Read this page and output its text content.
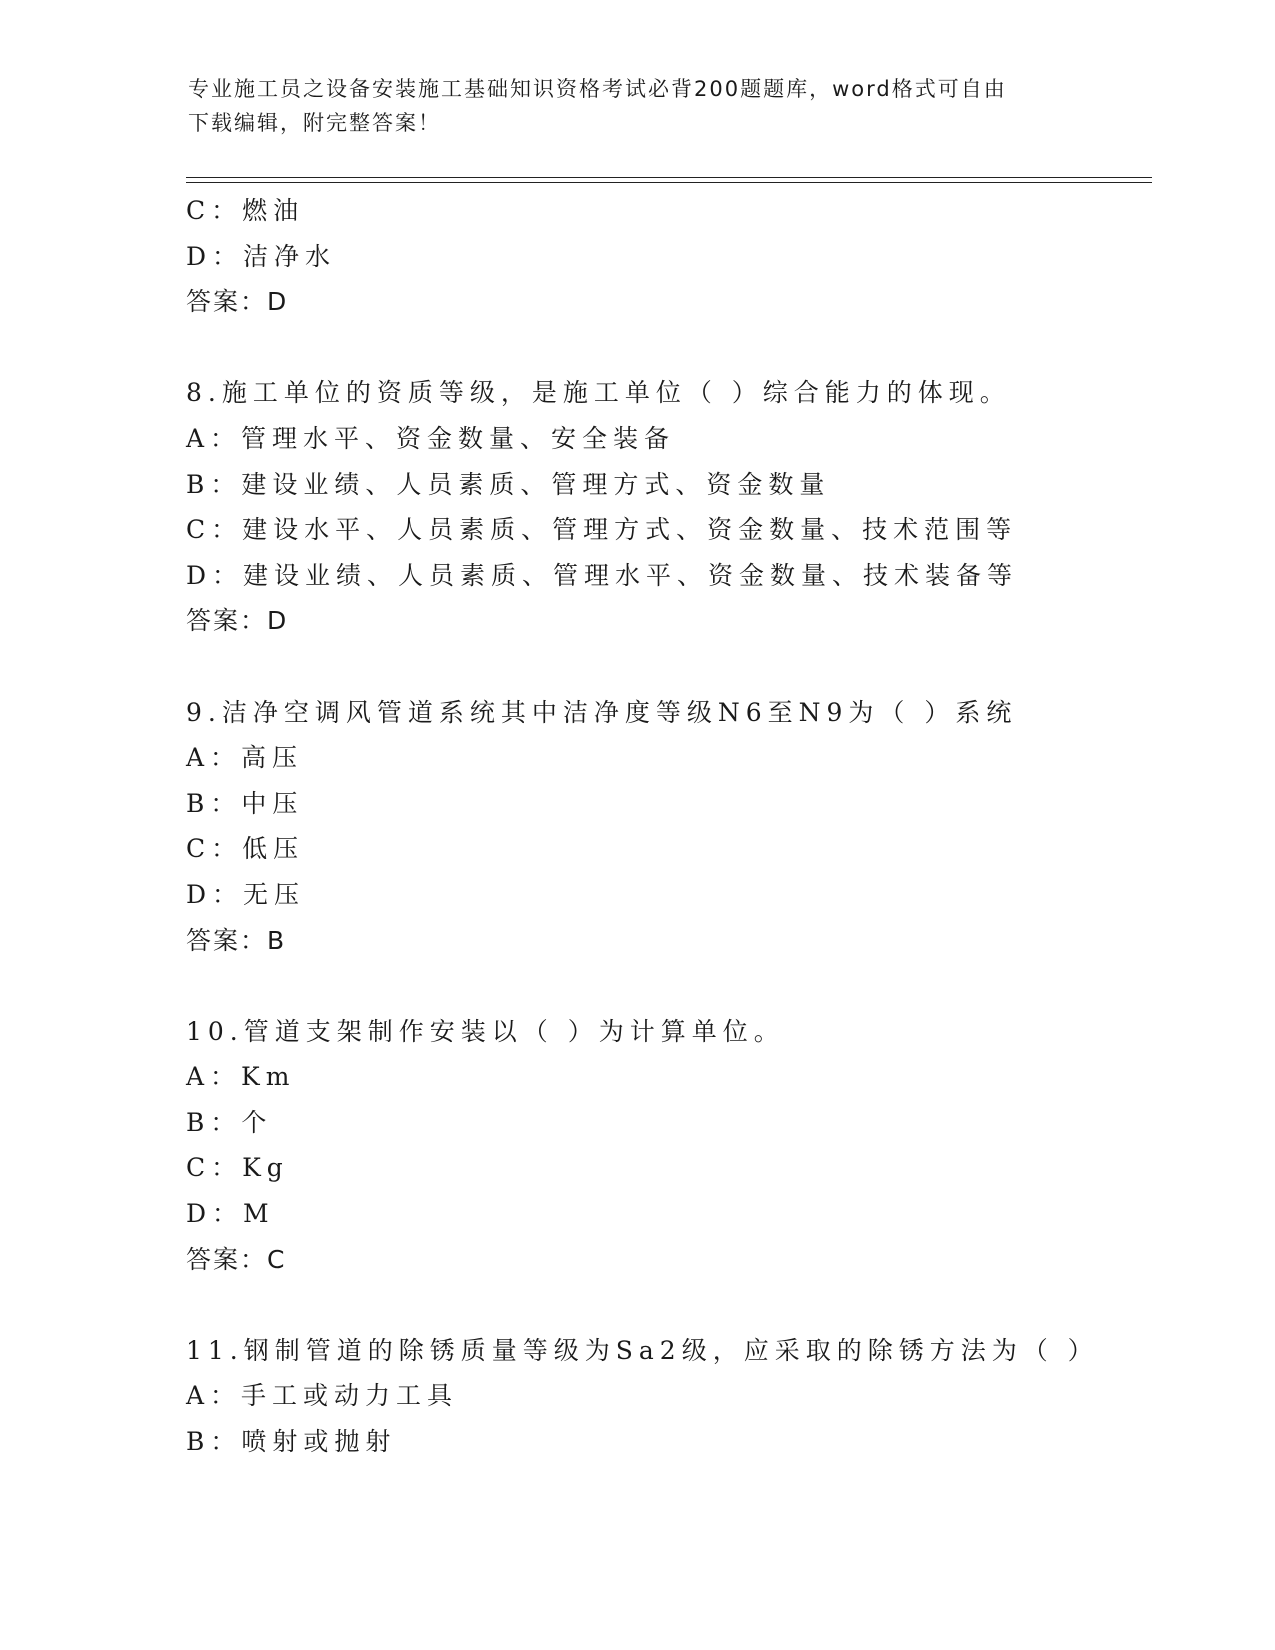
专业施工员之设备安装施工基础知识资格考试必背200题题库，word格式可自由
下载编辑，附完整答案！
C：燃油
D：洁净水
答案：D
8.施工单位的资质等级，是施工单位（ ）综合能力的体现。
A：管理水平、资金数量、安全装备
B：建设业绩、人员素质、管理方式、资金数量
C：建设水平、人员素质、管理方式、资金数量、技术范围等
D：建设业绩、人员素质、管理水平、资金数量、技术装备等
答案：D
9.洁净空调风管道系统其中洁净度等级N6至N9为（ ）系统
A：高压
B：中压
C：低压
D：无压
答案：B
10.管道支架制作安装以（ ）为计算单位。
A：Km
B：个
C：Kg
D：M
答案：C
11.钢制管道的除锈质量等级为Sa2级，应采取的除锈方法为（ ）
A：手工或动力工具
B：喷射或抛射
